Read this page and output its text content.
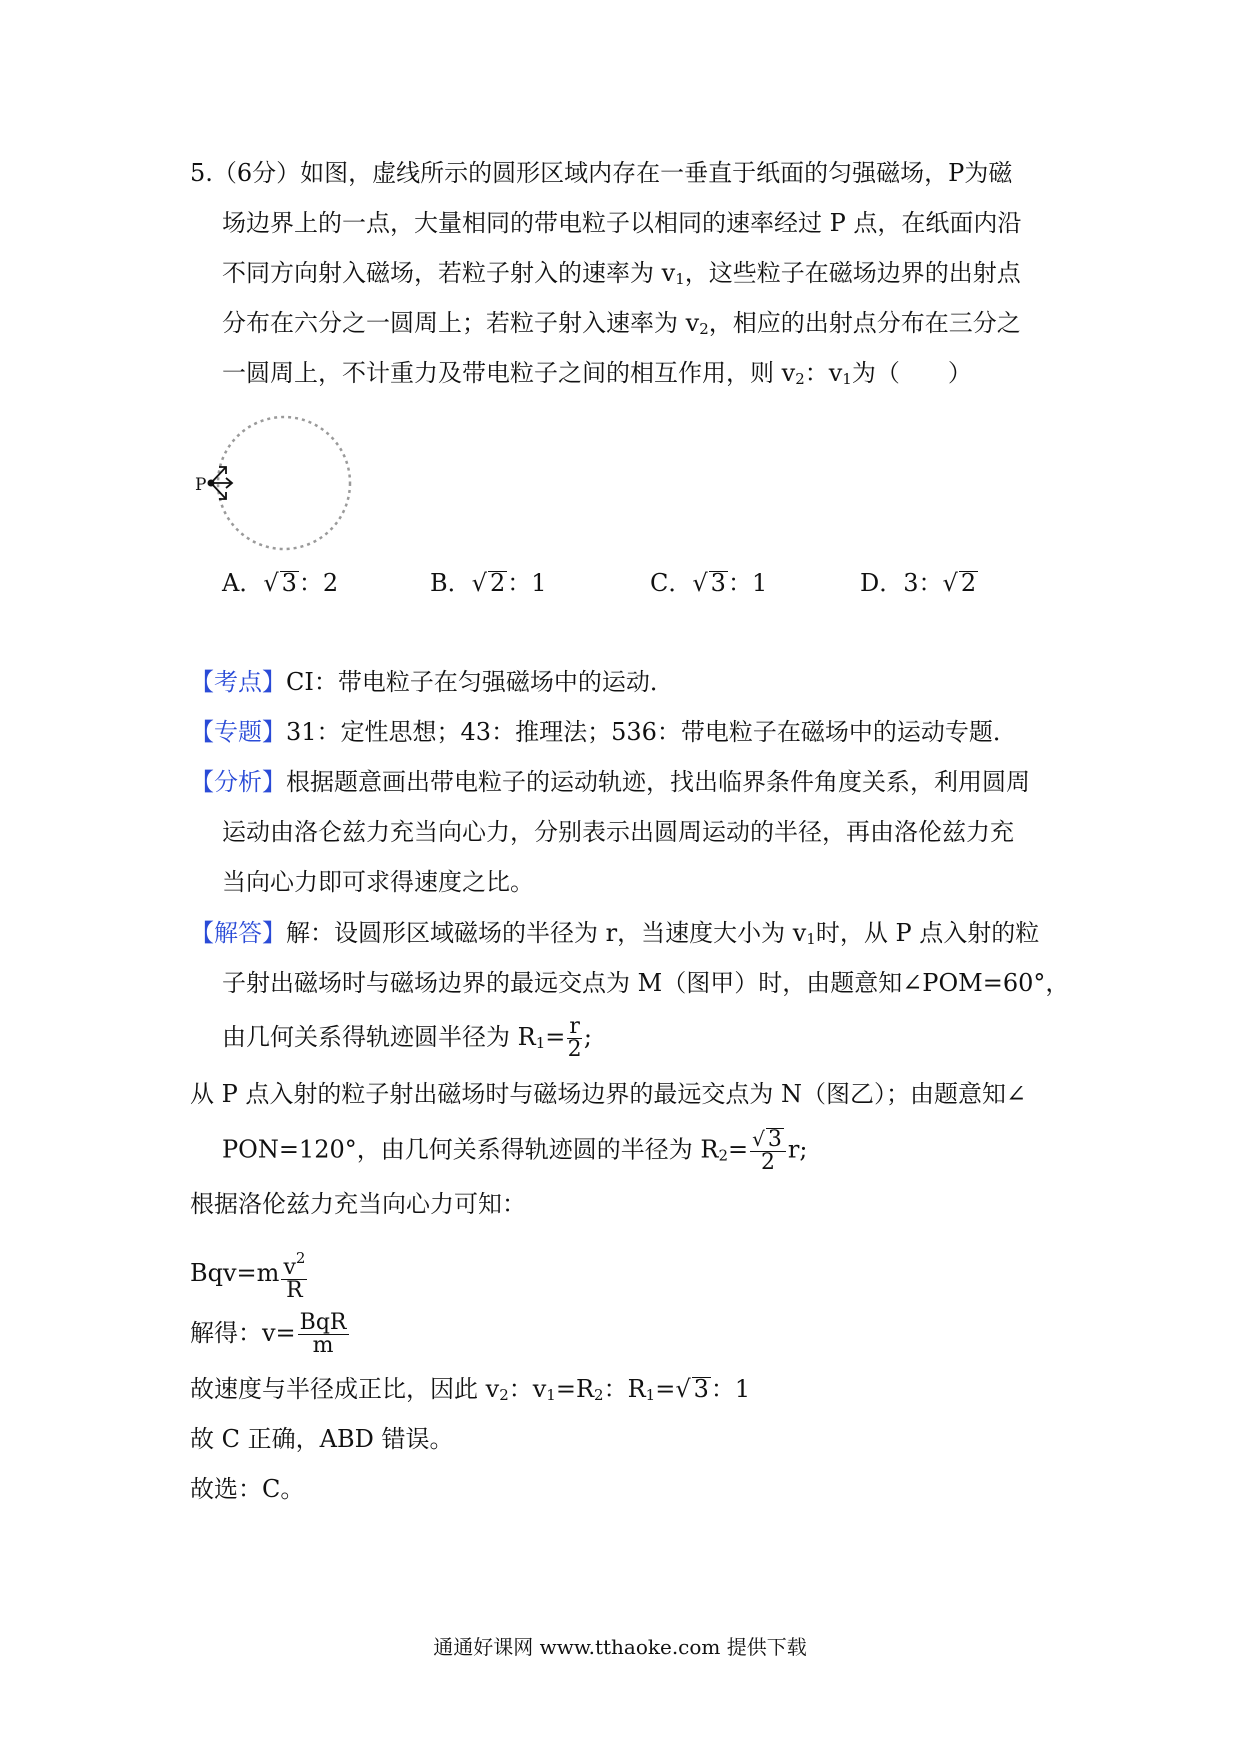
5.（6分）如图，虚线所示的圆形区域内存在一垂直于纸面的匀强磁场，P为磁
场边界上的一点，大量相同的带电粒子以相同的速率经过 P 点，在纸面内沿
不同方向射入磁场，若粒子射入的速率为 $v_1$，这些粒子在磁场边界的出射点
分布在六分之一圆周上；若粒子射入速率为 $v_2$，相应的出射点分布在三分之
一圆周上，不计重力及带电粒子之间的相互作用，则 $v_2$：$v_1$为（　　）
P
A．√ 3：2	B．√ 2：1	C．√ 3：1	D．3：√ 2
【考点】CI：带电粒子在匀强磁场中的运动．
【专题】31：定性思想；43：推理法；536：带电粒子在磁场中的运动专题．
【分析】根据题意画出带电粒子的运动轨迹，找出临界条件角度关系，利用圆周
运动由洛仑兹力充当向心力，分别表示出圆周运动的半径，再由洛伦兹力充
当向心力即可求得速度之比。
【解答】解：设圆形区域磁场的半径为 r，当速度大小为 $v_1$时，从 P 点入射的粒
子射出磁场时与磁场边界的最远交点为 M（图甲）时，由题意知∠POM=60°，
由几何关系得轨迹圆半径为 $R_1= \frac{r}{2}$ ;
从 P 点入射的粒子射出磁场时与磁场边界的最远交点为 N（图乙）；由题意知∠
PON=120°，由几何关系得轨迹圆的半径为 $R_2= \frac{√ 3}{2} r$;
根据洛伦兹力充当向心力可知：
$Bqv=m \frac{v^2}{R}$
解得：$v= \frac{\text{BqR}}{m}$
故速度与半径成正比，因此 $v_2$：$v_1=R_2$：$R_1=√$ 3：1
故 C 正确，ABD 错误。
故选：C。
通通好课网 www.tthaoke.com 提供下载
